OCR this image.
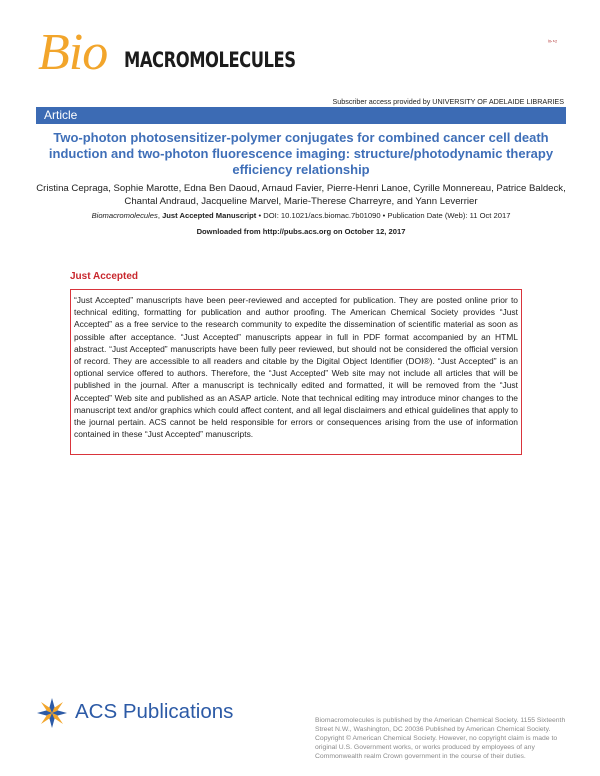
Bio MACROMOLECULES
ᵢₓ.ₛ₂
Subscriber access provided by UNIVERSITY OF ADELAIDE LIBRARIES
Article
Two-photon photosensitizer-polymer conjugates for combined cancer cell death induction and two-photon fluorescence imaging: structure/photodynamic therapy efficiency relationship
Cristina Cepraga, Sophie Marotte, Edna Ben Daoud, Arnaud Favier, Pierre-Henri Lanoe, Cyrille Monnereau, Patrice Baldeck, Chantal Andraud, Jacqueline Marvel, Marie-Therese Charreyre, and Yann Leverrier
Biomacromolecules, Just Accepted Manuscript • DOI: 10.1021/acs.biomac.7b01090 • Publication Date (Web): 11 Oct 2017
Downloaded from http://pubs.acs.org on October 12, 2017
Just Accepted
“Just Accepted” manuscripts have been peer-reviewed and accepted for publication. They are posted online prior to technical editing, formatting for publication and author proofing. The American Chemical Society provides “Just Accepted” as a free service to the research community to expedite the dissemination of scientific material as soon as possible after acceptance. “Just Accepted” manuscripts appear in full in PDF format accompanied by an HTML abstract. “Just Accepted” manuscripts have been fully peer reviewed, but should not be considered the official version of record. They are accessible to all readers and citable by the Digital Object Identifier (DOI®). “Just Accepted” is an optional service offered to authors. Therefore, the “Just Accepted” Web site may not include all articles that will be published in the journal. After a manuscript is technically edited and formatted, it will be removed from the “Just Accepted” Web site and published as an ASAP article. Note that technical editing may introduce minor changes to the manuscript text and/or graphics which could affect content, and all legal disclaimers and ethical guidelines that apply to the journal pertain. ACS cannot be held responsible for errors or consequences arising from the use of information contained in these “Just Accepted” manuscripts.
ACS Publications	Biomacromolecules is published by the American Chemical Society. 1155 Sixteenth Street N.W., Washington, DC 20036 Published by American Chemical Society. Copyright © American Chemical Society. However, no copyright claim is made to original U.S. Government works, or works produced by employees of any Commonwealth realm Crown government in the course of their duties.
